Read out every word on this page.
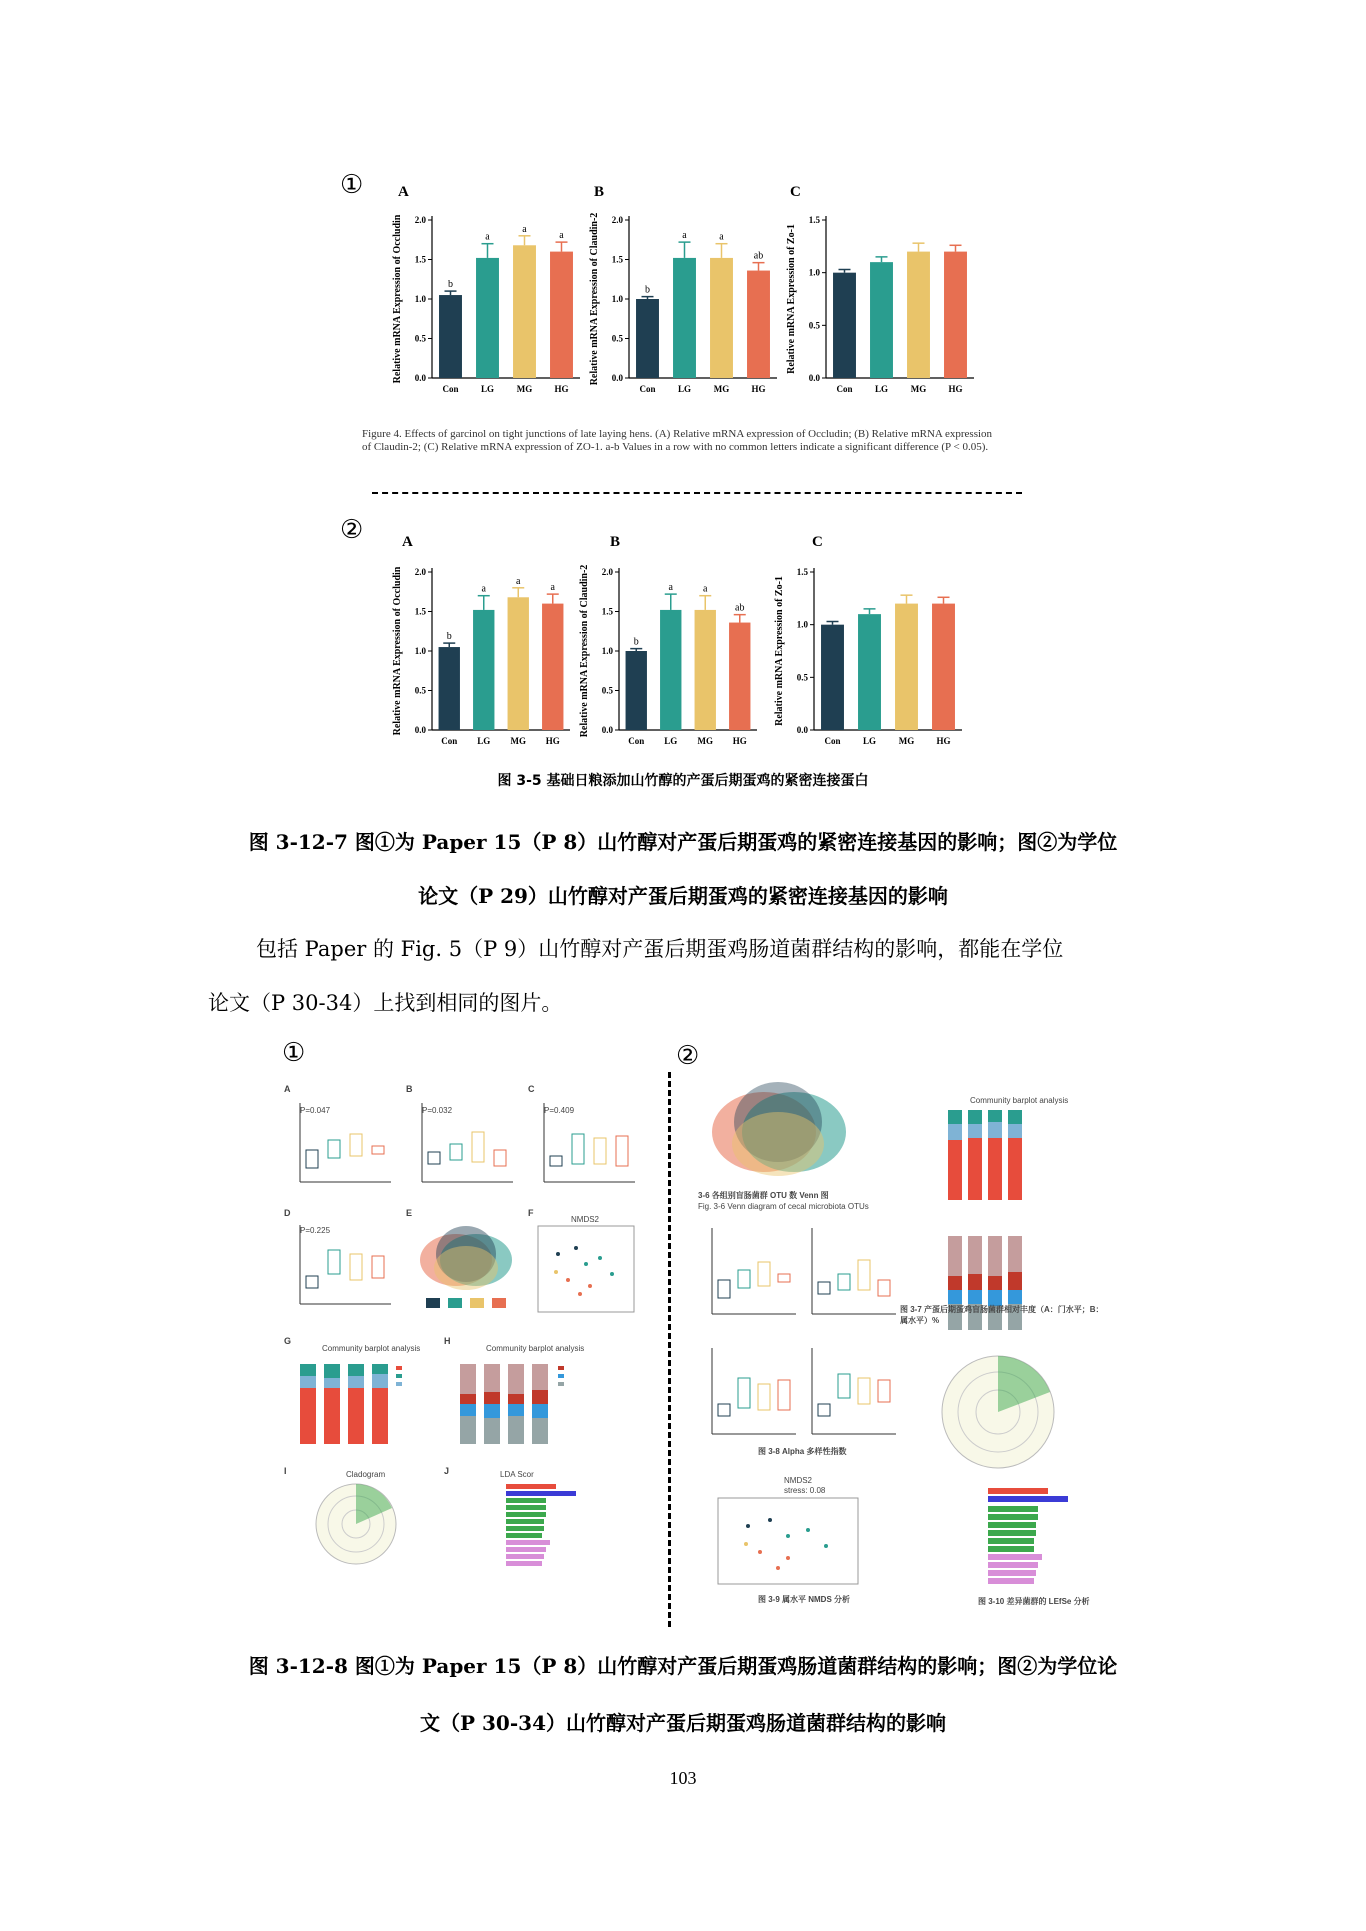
① A	B	C
Relative mRNA Expression of Occludin 0.0
0.5
1.0
1.5
2.0
b
Con
a
LG
a
MG
a
HG
Relative mRNA Expression of Claudin-2 0.0
0.5
1.0
1.5
2.0
b
Con
a
LG
a
MG
ab
HG
Relative mRNA Expression of Zo-1
0.0
0.5
1.0
1.5
Con LG	MG HG
Figure 4. Effects of garcinol on tight junctions of late laying hens. (A) Relative mRNA expression of Occludin; (B) Relative mRNA expression
of Claudin-2; (C) Relative mRNA expression of ZO-1. a-b Values in a row with no common letters indicate a significant difference (P < 0.05).
②	A	B	C
Relative mRNA Expression of Occludin 0.0
0.5
1.0
1.5
2.0
b
Con
a
LG
a
MG
a
HG
Relative mRNA Expression of Claudin-2 0.0
0.5
1.0
1.5
2.0
b
Con
a
LG
a
MG
ab
HG
Relative mRNA Expression of Zo-1
0.0
0.5
1.0
1.5
Con LG	MG HG
图 3-5 基础日粮添加山竹醇的产蛋后期蛋鸡的紧密连接蛋白
图 3-12-7 图①为 Paper 15（P 8）山竹醇对产蛋后期蛋鸡的紧密连接基因的影响；图②为学位
论文（P 29）山竹醇对产蛋后期蛋鸡的紧密连接基因的影响
包括 Paper 的 Fig. 5（P 9）山竹醇对产蛋后期蛋鸡肠道菌群结构的影响，都能在学位
论文（P 30-34）上找到相同的图片。
①	②
A
P=0.047
B
P=0.032
C
P=0.409
D
P=0.225
E	F
NMDS2
G
Community barplot analysis
H
Community barplot analysis
I	Cladogram	J	LDA Scor
3-6 各组别盲肠菌群 OTU 数 Venn 图
Fig. 3-6 Venn diagram of cecal microbiota OTUs
Community barplot analysis
图 3-7 产蛋后期蛋鸡盲肠菌群相对丰度（A：门水平；B：属水平）%
图 3-8 Alpha 多样性指数
NMDS2
stress: 0.08
图 3-9 属水平 NMDS 分析	图 3-10 差异菌群的 LEfSe 分析
图 3-12-8 图①为 Paper 15（P 8）山竹醇对产蛋后期蛋鸡肠道菌群结构的影响；图②为学位论
文（P 30-34）山竹醇对产蛋后期蛋鸡肠道菌群结构的影响
103
